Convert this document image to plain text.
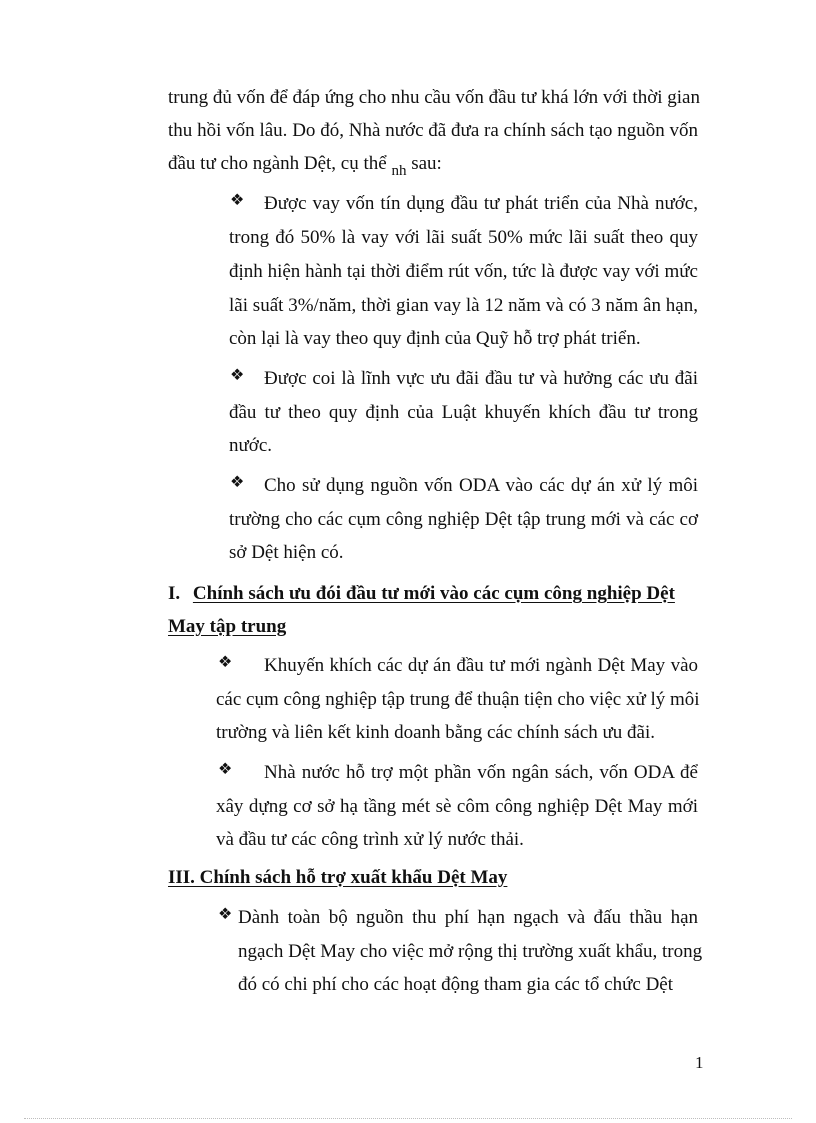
trung đủ vốn để đáp ứng cho nhu cầu vốn đầu tư khá lớn với thời gian
thu hồi vốn lâu. Do đó, Nhà nước đã đưa ra chính sách tạo nguồn vốn
đầu tư cho ngành Dệt, cụ thể $_{nh}$ sau:
❖ Được vay vốn tín dụng đầu tư phát triển của Nhà nước,
trong đó 50% là vay với lãi suất 50% mức lãi suất theo quy
định hiện hành tại thời điểm rút vốn, tức là được vay với mức
lãi suất 3%/năm, thời gian vay là 12 năm và có 3 năm ân hạn,
còn lại là vay theo quy định của Quỹ hỗ trợ phát triển.
❖ Được coi là lĩnh vực ưu đãi đầu tư và hưởng các ưu đãi
đầu tư theo quy định của Luật khuyến khích đầu tư trong
nước.
❖ Cho sử dụng nguồn vốn ODA vào các dự án xử lý môi
trường cho các cụm công nghiệp Dệt tập trung mới và các cơ
sở Dệt hiện có.
I. Chính sách ưu đói đầu tư mới vào các cụm công nghiệp Dệt
May tập trung
❖ Khuyến khích các dự án đầu tư mới ngành Dệt May vào
các cụm công nghiệp tập trung để thuận tiện cho việc xử lý môi
trường và liên kết kinh doanh bằng các chính sách ưu đãi.
❖ Nhà nước hỗ trợ một phần vốn ngân sách, vốn ODA để
xây dựng cơ sở hạ tầng mét sè côm công nghiệp Dệt May mới
và đầu tư các công trình xử lý nước thải.
III. Chính sách hỗ trợ xuất khẩu Dệt May
❖ Dành toàn bộ nguồn thu phí hạn ngạch và đấu thầu hạn
ngạch Dệt May cho việc mở rộng thị trường xuất khẩu, trong
đó có chi phí cho các hoạt động tham gia các tổ chức Dệt
1
